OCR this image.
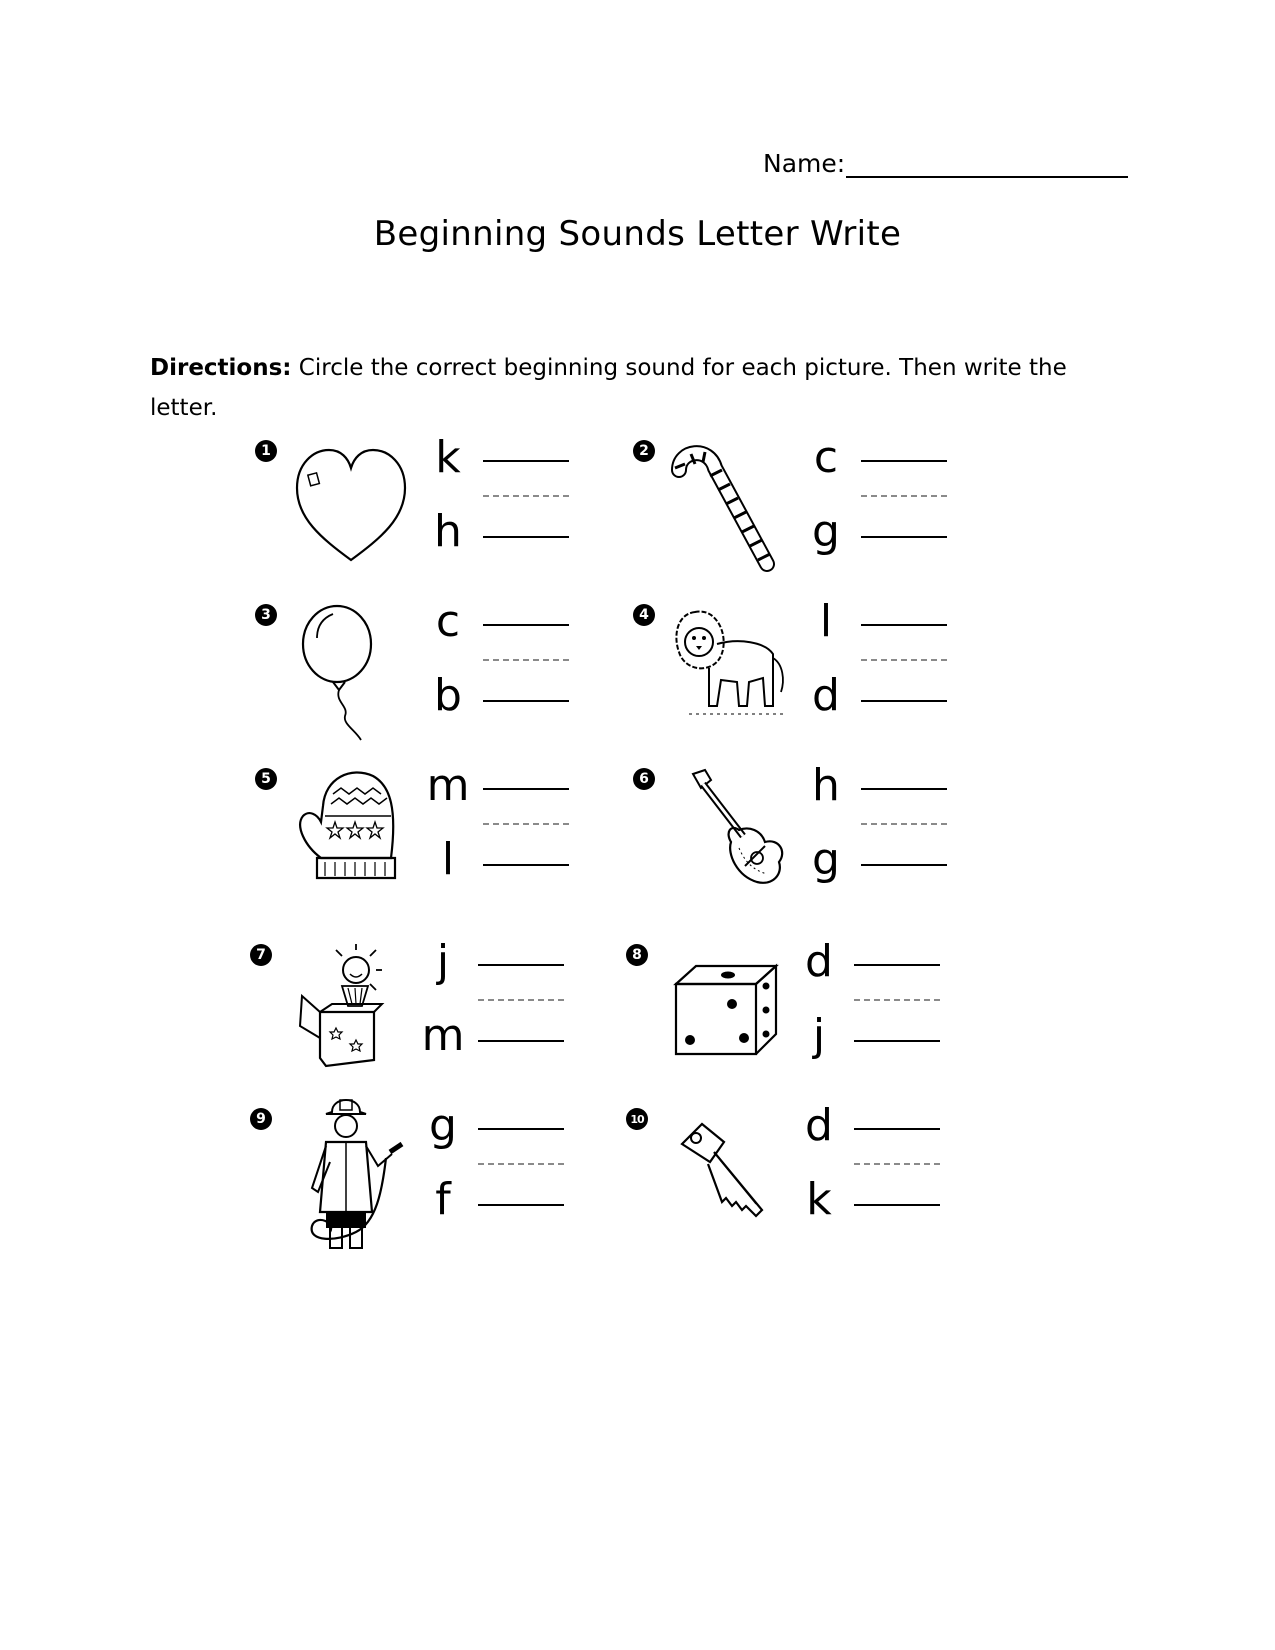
Name:
Beginning Sounds Letter Write
Directions: Circle the correct beginning sound for each picture. Then write the letter.
1	k
h
2	c
g
3	c
b
4	l
d
5	m
l
6	h
g
7	j
m
8	d
j
9	g
f
10	d
k
